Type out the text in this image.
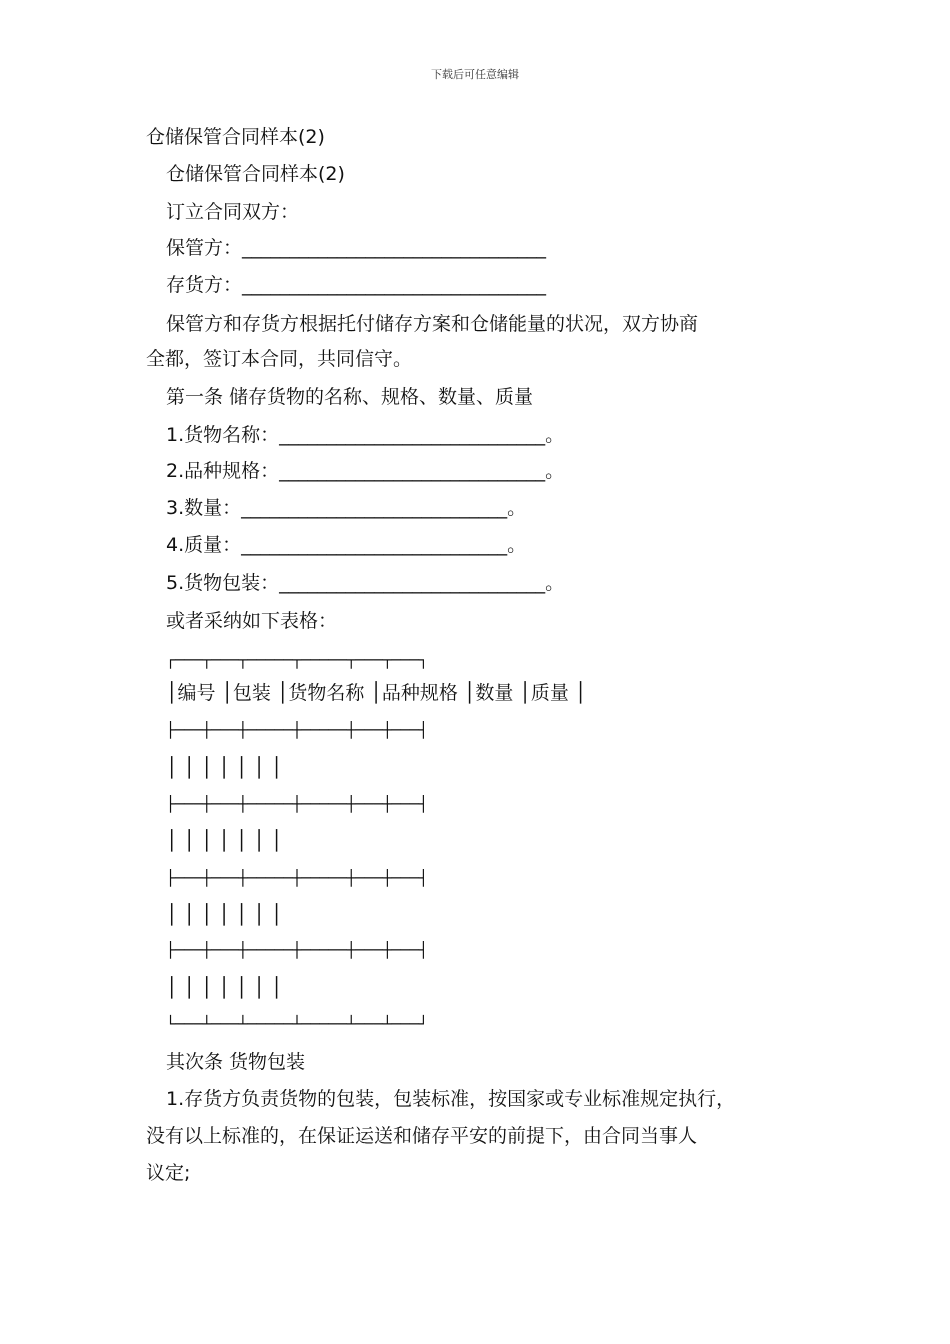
下载后可任意编辑
仓储保管合同样本(2)
仓储保管合同样本(2)
订立合同双方：
保管方：________________________________
存货方：________________________________
保管方和存货方根据托付储存方案和仓储能量的状况，双方协商
全都，签订本合同，共同信守。
第一条 储存货物的名称、规格、数量、质量
1.货物名称：____________________________。
2.品种规格：____________________________。
3.数量：____________________________。
4.质量：____________________________。
5.货物包装：____________________________。
或者采纳如下表格：
┌───┬───┬─────┬─────┬───┬───┐
│编号 │包装 │货物名称 │品种规格 │数量 │质量 │
├───┼───┼─────┼─────┼───┼───┤
│ │ │ │ │ │ │
├───┼───┼─────┼─────┼───┼───┤
│ │ │ │ │ │ │
├───┼───┼─────┼─────┼───┼───┤
│ │ │ │ │ │ │
├───┼───┼─────┼─────┼───┼───┤
│ │ │ │ │ │ │
└───┴───┴─────┴─────┴───┴───┘
其次条 货物包装
1.存货方负责货物的包装，包装标准，按国家或专业标准规定执行，
没有以上标准的，在保证运送和储存平安的前提下，由合同当事人
议定;
